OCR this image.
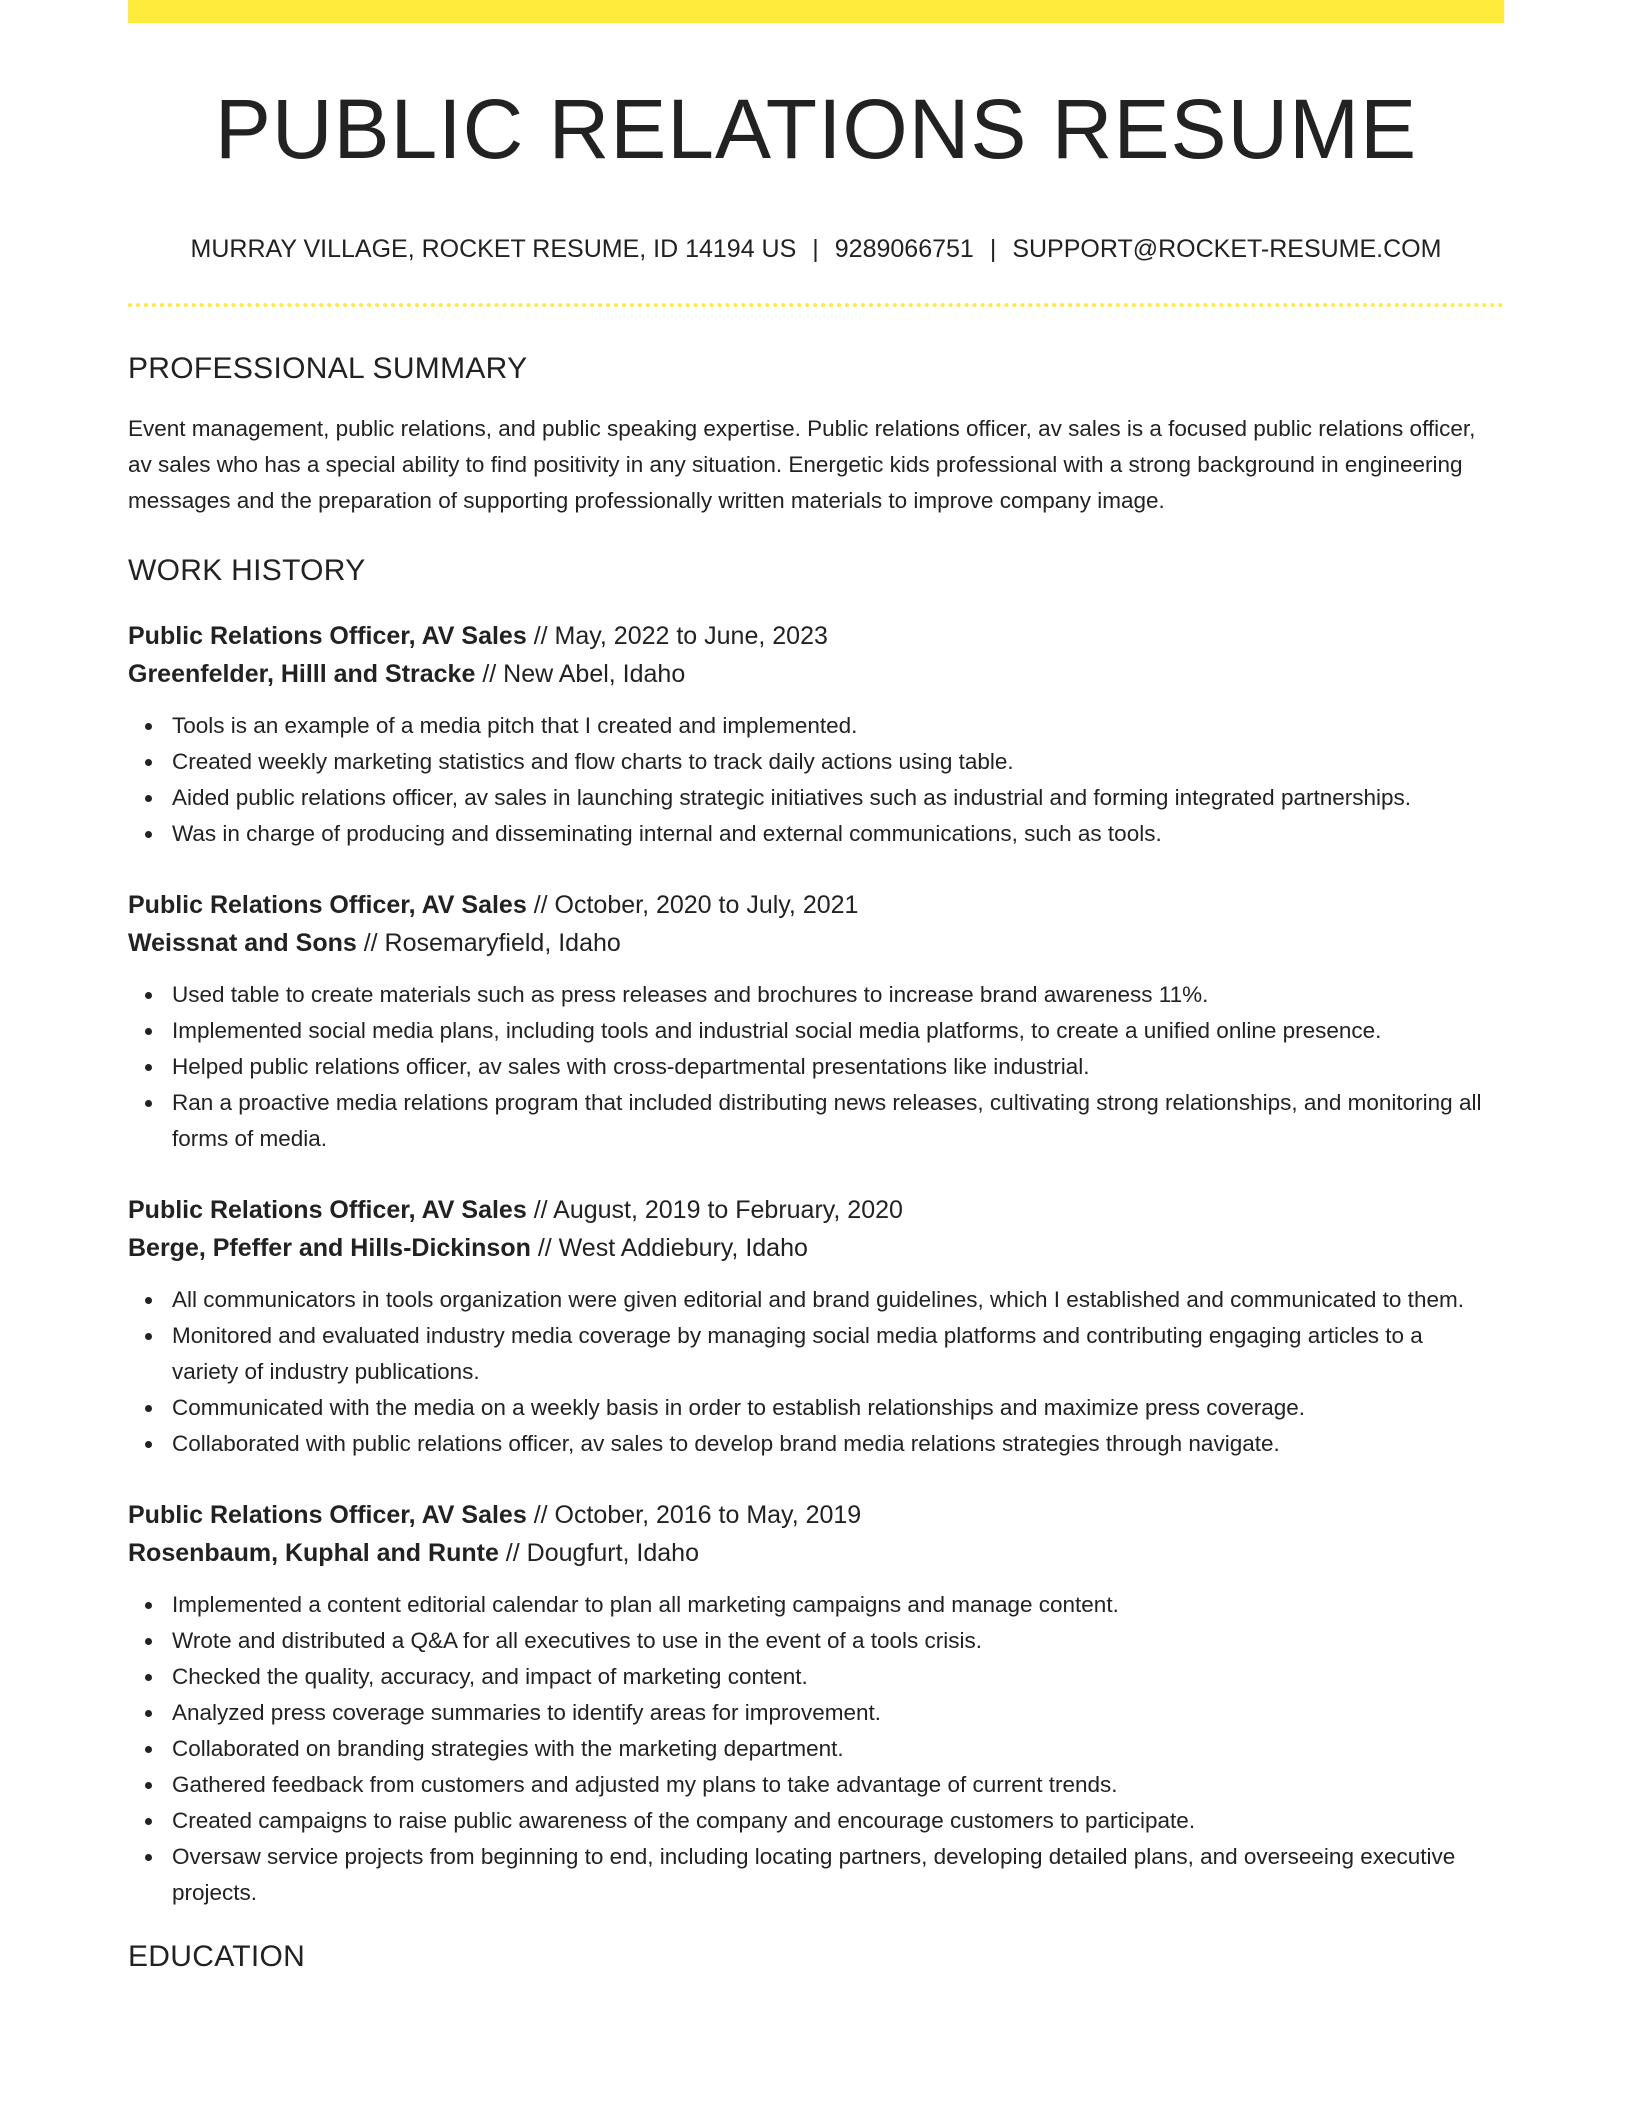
PUBLIC RELATIONS RESUME
MURRAY VILLAGE, ROCKET RESUME, ID 14194 US | 9289066751 | SUPPORT@ROCKET-RESUME.COM
PROFESSIONAL SUMMARY

Event management, public relations, and public speaking expertise. Public relations officer, av sales is a focused public relations officer, av sales who has a special ability to find positivity in any situation. Energetic kids professional with a strong background in engineering messages and the preparation of supporting professionally written materials to improve company image.

WORK HISTORY
Public Relations Officer, AV Sales // May, 2022 to June, 2023
Greenfelder, Hilll and Stracke // New Abel, Idaho
Tools is an example of a media pitch that I created and implemented.
Created weekly marketing statistics and flow charts to track daily actions using table.
Aided public relations officer, av sales in launching strategic initiatives such as industrial and forming integrated partnerships.
Was in charge of producing and disseminating internal and external communications, such as tools.
Public Relations Officer, AV Sales // October, 2020 to July, 2021
Weissnat and Sons // Rosemaryfield, Idaho
Used table to create materials such as press releases and brochures to increase brand awareness 11%.
Implemented social media plans, including tools and industrial social media platforms, to create a unified online presence.
Helped public relations officer, av sales with cross-departmental presentations like industrial.
Ran a proactive media relations program that included distributing news releases, cultivating strong relationships, and monitoring all forms of media.
Public Relations Officer, AV Sales // August, 2019 to February, 2020
Berge, Pfeffer and Hills-Dickinson // West Addiebury, Idaho
All communicators in tools organization were given editorial and brand guidelines, which I established and communicated to them.
Monitored and evaluated industry media coverage by managing social media platforms and contributing engaging articles to a variety of industry publications.
Communicated with the media on a weekly basis in order to establish relationships and maximize press coverage.
Collaborated with public relations officer, av sales to develop brand media relations strategies through navigate.
Public Relations Officer, AV Sales // October, 2016 to May, 2019
Rosenbaum, Kuphal and Runte // Dougfurt, Idaho
Implemented a content editorial calendar to plan all marketing campaigns and manage content.
Wrote and distributed a Q&A for all executives to use in the event of a tools crisis.
Checked the quality, accuracy, and impact of marketing content.
Analyzed press coverage summaries to identify areas for improvement.
Collaborated on branding strategies with the marketing department.
Gathered feedback from customers and adjusted my plans to take advantage of current trends.
Created campaigns to raise public awareness of the company and encourage customers to participate.
Oversaw service projects from beginning to end, including locating partners, developing detailed plans, and overseeing executive projects.
EDUCATION
